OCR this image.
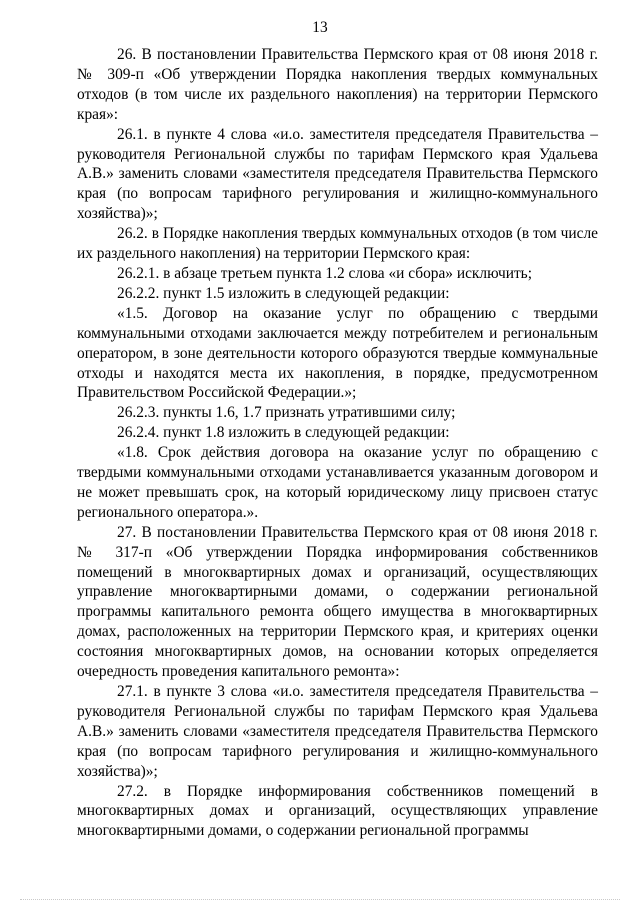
13

26. В постановлении Правительства Пермского края от 08 июня 2018 г. № 309-п «Об утверждении Порядка накопления твердых коммунальных отходов (в том числе их раздельного накопления) на территории Пермского края»:

26.1. в пункте 4 слова «и.о. заместителя председателя Правительства – руководителя Региональной службы по тарифам Пермского края Удальева А.В.» заменить словами «заместителя председателя Правительства Пермского края (по вопросам тарифного регулирования и жилищно-коммунального хозяйства)»;

26.2. в Порядке накопления твердых коммунальных отходов (в том числе их раздельного накопления) на территории Пермского края:

26.2.1. в абзаце третьем пункта 1.2 слова «и сбора» исключить;

26.2.2. пункт 1.5 изложить в следующей редакции:

«1.5. Договор на оказание услуг по обращению с твердыми коммунальными отходами заключается между потребителем и региональным оператором, в зоне деятельности которого образуются твердые коммунальные отходы и находятся места их накопления, в порядке, предусмотренном Правительством Российской Федерации.»;

26.2.3. пункты 1.6, 1.7 признать утратившими силу;

26.2.4. пункт 1.8 изложить в следующей редакции:

«1.8. Срок действия договора на оказание услуг по обращению с твердыми коммунальными отходами устанавливается указанным договором и не может превышать срок, на который юридическому лицу присвоен статус регионального оператора.».

27. В постановлении Правительства Пермского края от 08 июня 2018 г. № 317-п «Об утверждении Порядка информирования собственников помещений в многоквартирных домах и организаций, осуществляющих управление многоквартирными домами, о содержании региональной программы капитального ремонта общего имущества в многоквартирных домах, расположенных на территории Пермского края, и критериях оценки состояния многоквартирных домов, на основании которых определяется очередность проведения капитального ремонта»:

27.1. в пункте 3 слова «и.о. заместителя председателя Правительства – руководителя Региональной службы по тарифам Пермского края Удальева А.В.» заменить словами «заместителя председателя Правительства Пермского края (по вопросам тарифного регулирования и жилищно-коммунального хозяйства)»;

27.2. в Порядке информирования собственников помещений в многоквартирных домах и организаций, осуществляющих управление многоквартирными домами, о содержании региональной программы
